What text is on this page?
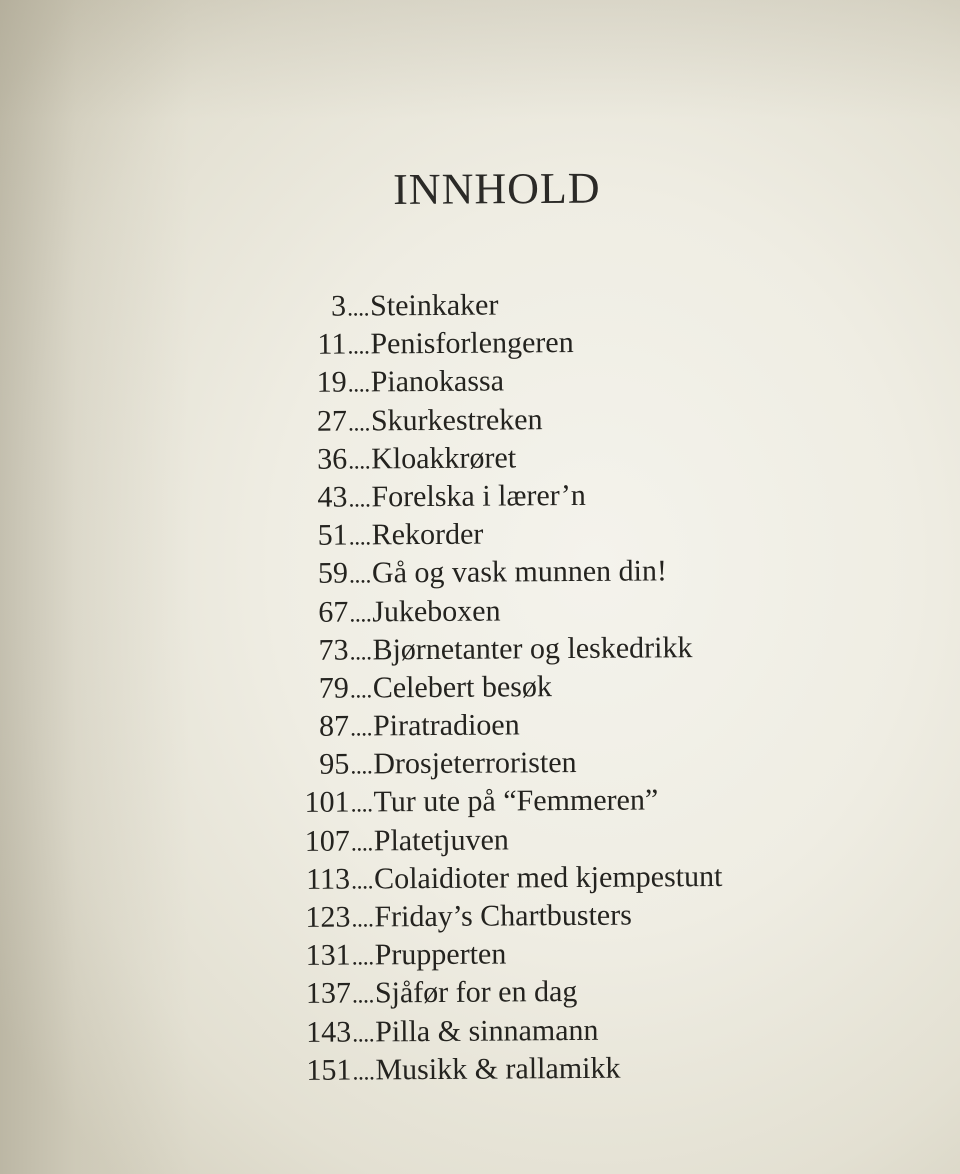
INNHOLD
3 .... Steinkaker
11 .... Penisforlengeren
19 .... Pianokassa
27 .... Skurkestreken
36 .... Kloakkrøret
43 .... Forelska i lærer’n
51 .... Rekorder
59 .... Gå og vask munnen din!
67 .... Jukeboxen
73 .... Bjørnetanter og leskedrikk
79 .... Celebert besøk
87 .... Piratradioen
95 .... Drosjeterroristen
101 .... Tur ute på “Femmeren”
107 .... Platetjuven
113 .... Colaidioter med kjempestunt
123 .... Friday’s Chartbusters
131 .... Prupperten
137 .... Sjåfør for en dag
143 .... Pilla & sinnamann
151 .... Musikk & rallamikk
